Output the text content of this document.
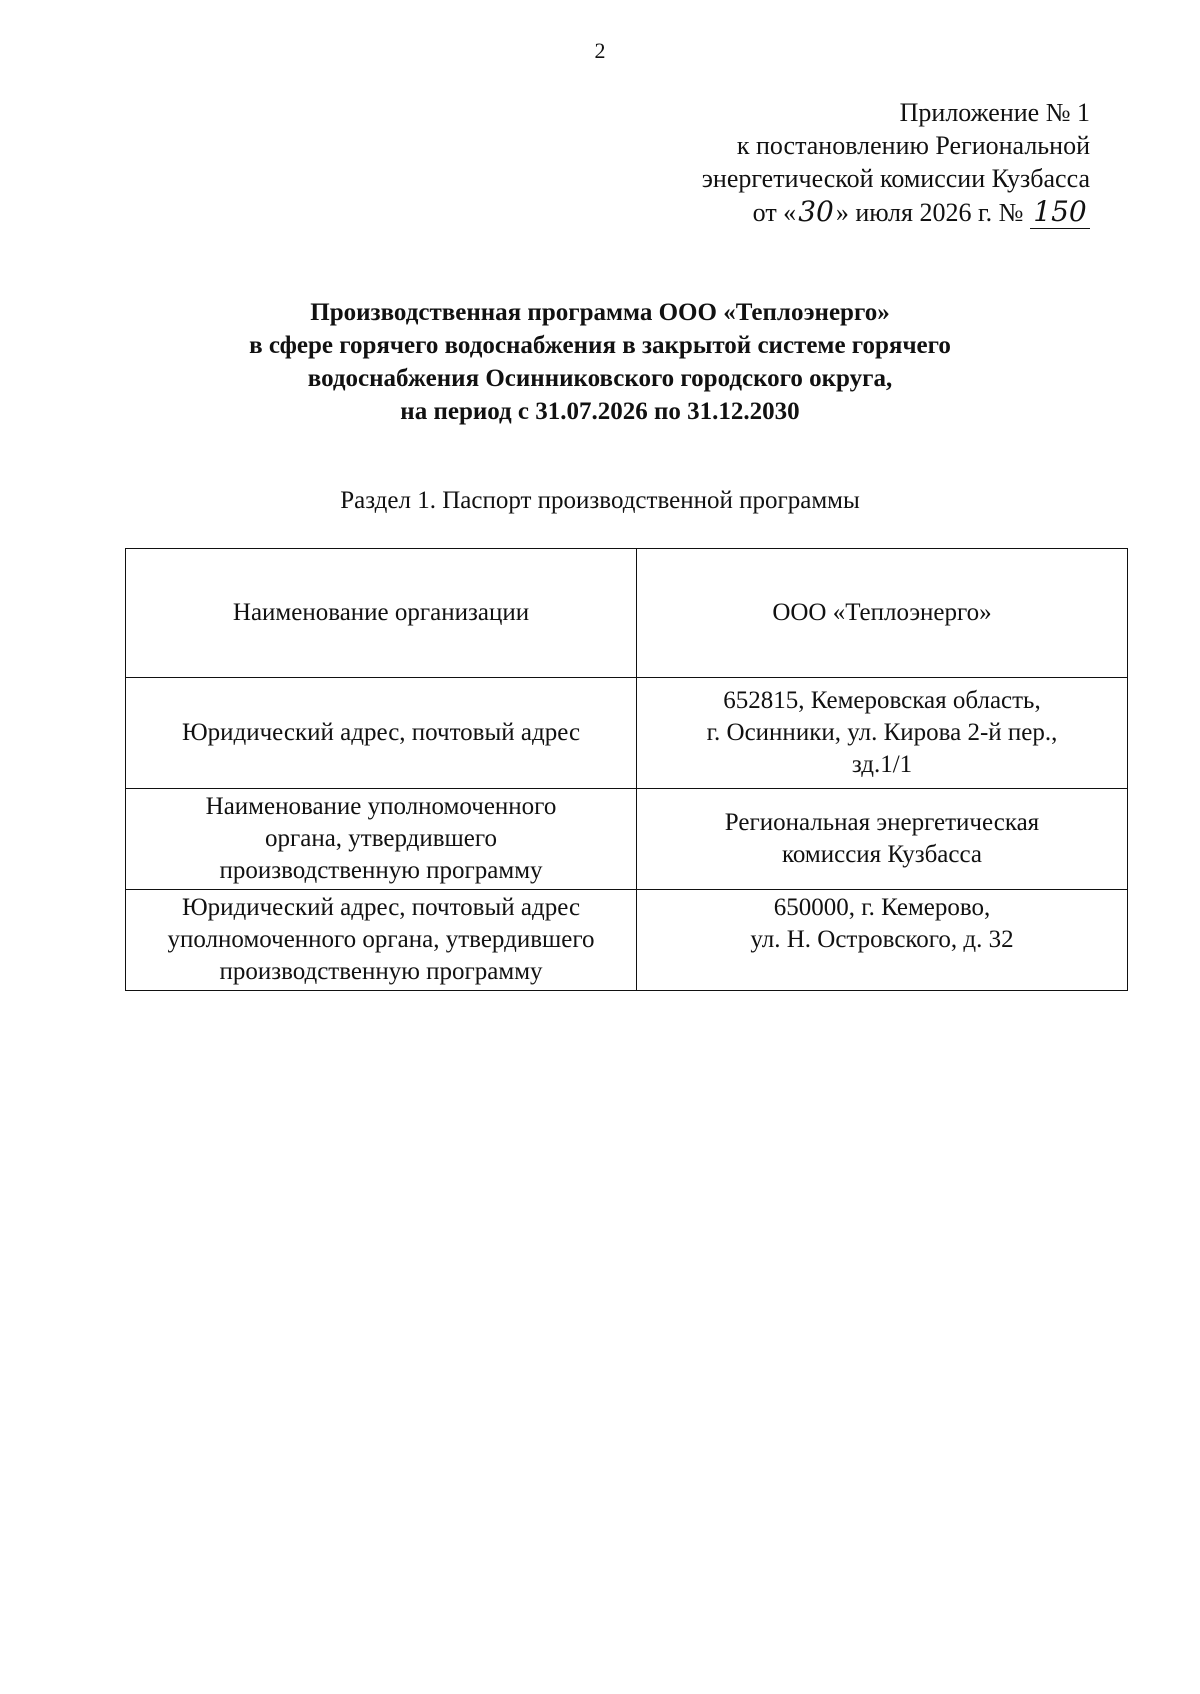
2
Приложение № 1
к постановлению Региональной
энергетической комиссии Кузбасса
от «30» июля 2026 г. № 150
Производственная программа ООО «Теплоэнерго»
в сфере горячего водоснабжения в закрытой системе горячего
водоснабжения Осинниковского городского округа,
на период с 31.07.2026 по 31.12.2030
Раздел 1. Паспорт производственной программы
Наименование организации	ООО «Теплоэнерго»

Юридический адрес, почтовый адрес	652815, Кемеровская область,
г. Осинники, ул. Кирова 2-й пер.,
зд.1/1

Наименование уполномоченного
органа, утвердившего
производственную программу	Региональная энергетическая
комиссия Кузбасса

Юридический адрес, почтовый адрес
уполномоченного органа, утвердившего
производственную программу	650000, г. Кемерово,
ул. Н. Островского, д. 32
